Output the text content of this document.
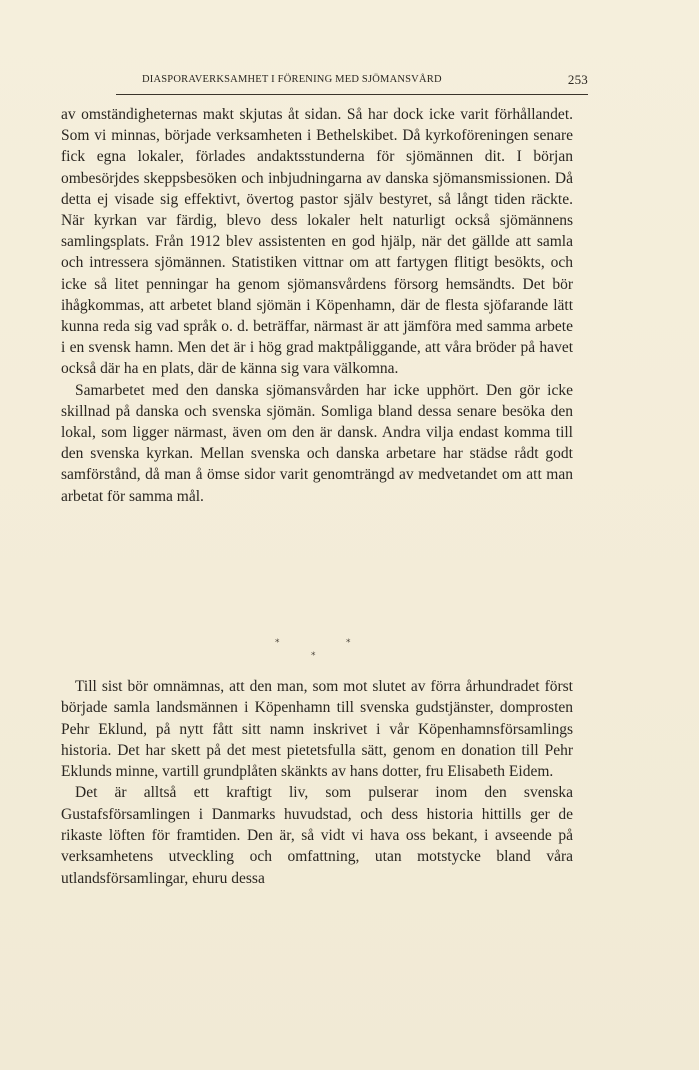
DIASPORAVERKSAMHET I FÖRENING MED SJÖMANSVÅRD	253

av omständigheternas makt skjutas åt sidan. Så har dock icke varit förhållandet. Som vi minnas, började verksamheten i Bethelskibet. Då kyrkoföreningen senare fick egna lokaler, förlades andaktsstunderna för sjömännen dit. I början ombesörjdes skeppsbesöken och inbjudningarna av danska sjömansmissionen. Då detta ej visade sig effektivt, övertog pastor själv bestyret, så långt tiden räckte. När kyrkan var färdig, blevo dess lokaler helt naturligt också sjömännens samlingsplats. Från 1912 blev assistenten en god hjälp, när det gällde att samla och intressera sjömännen. Statistiken vittnar om att fartygen flitigt besökts, och icke så litet penningar ha genom sjömansvårdens försorg hemsändts. Det bör ihågkommas, att arbetet bland sjömän i Köpenhamn, där de flesta sjöfarande lätt kunna reda sig vad språk o. d. beträffar, närmast är att jämföra med samma arbete i en svensk hamn. Men det är i hög grad maktpåliggande, att våra bröder på havet också där ha en plats, där de känna sig vara välkomna.

Samarbetet med den danska sjömansvården har icke upphört. Den gör icke skillnad på danska och svenska sjömän. Somliga bland dessa senare besöka den lokal, som ligger närmast, även om den är dansk. Andra vilja endast komma till den svenska kyrkan. Mellan svenska och danska arbetare har städse rådt godt samförstånd, då man å ömse sidor varit genomträngd av medvetandet om att man arbetat för samma mål.

*	*
*

Till sist bör omnämnas, att den man, som mot slutet av förra århundradet först började samla landsmännen i Köpenhamn till svenska gudstjänster, domprosten Pehr Eklund, på nytt fått sitt namn inskrivet i vår Köpenhamnsförsamlings historia. Det har skett på det mest pietetsfulla sätt, genom en donation till Pehr Eklunds minne, vartill grundplåten skänkts av hans dotter, fru Elisabeth Eidem.

Det är alltså ett kraftigt liv, som pulserar inom den svenska Gustafsförsamlingen i Danmarks huvudstad, och dess historia hittills ger de rikaste löften för framtiden. Den är, så vidt vi hava oss bekant, i avseende på verksamhetens utveckling och omfattning, utan motstycke bland våra utlandsförsamlingar, ehuru dessa
